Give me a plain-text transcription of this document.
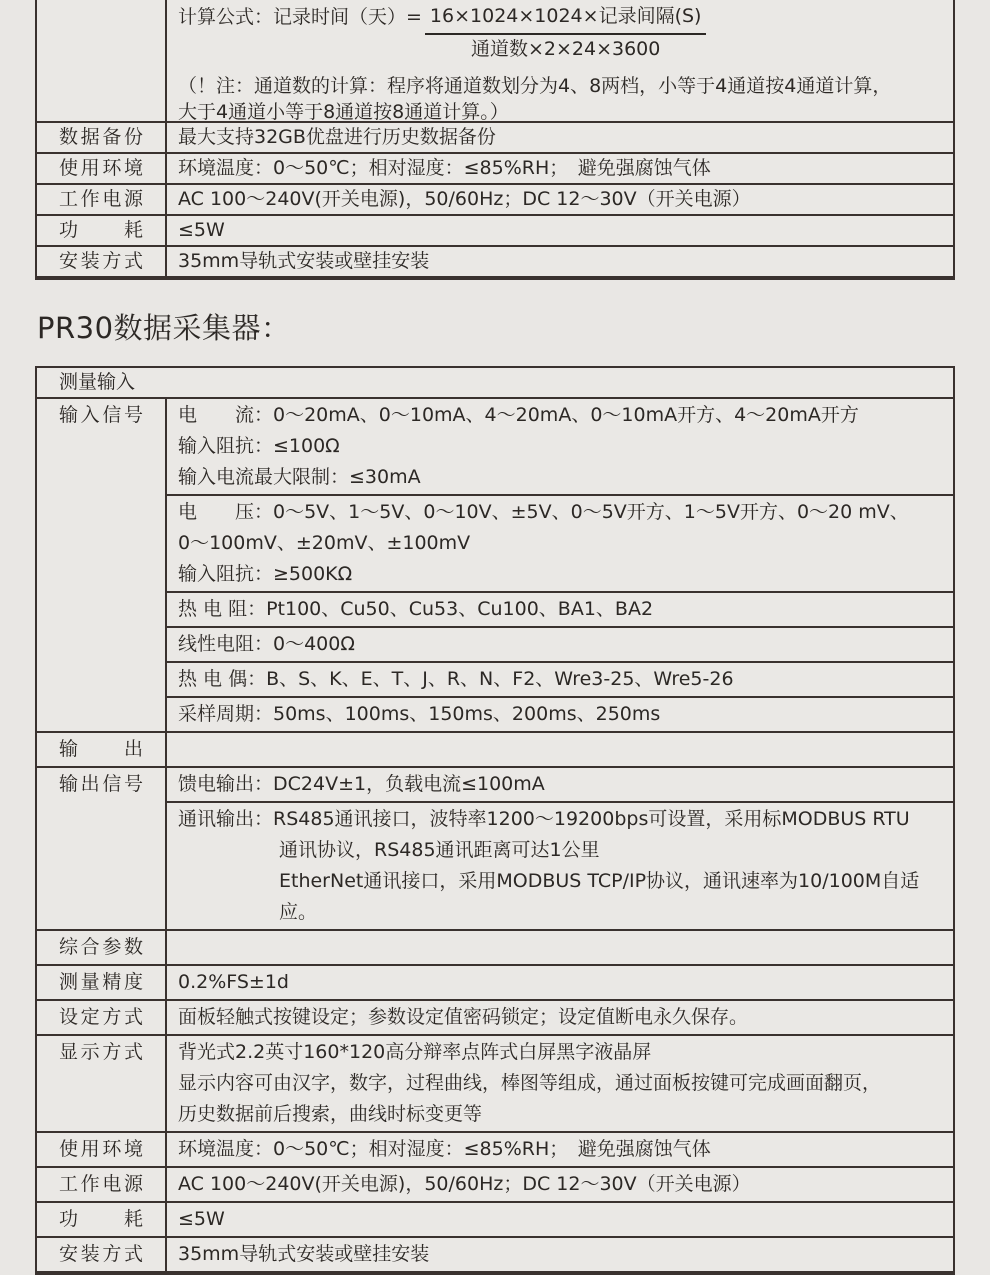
计算公式：记录时间（天）= $\frac{\text{16×1024×1024×记录间隔(S)}}{\text{通道数×2×24×3600}}$
（！注：通道数的计算：程序将通道数划分为4、8两档，小等于4通道按4通道计算，
大于4通道小等于8通道按8通道计算。）
数据备份	最大支持32GB优盘进行历史数据备份
使用环境	环境温度：0～50℃；相对湿度：≤85%RH；　避免强腐蚀气体
工作电源	AC 100～240V(开关电源)，50/60Hz；DC 12～30V（开关电源）
功耗	≤5W
安装方式	35mm导轨式安装或壁挂安装
PR30数据采集器：
测量输入
输入信号	电　　流：0～20mA、0～10mA、4～20mA、0～10mA开方、4～20mA开方
输入阻抗：≤100Ω
输入电流最大限制：≤30mA
电　　压：0～5V、1～5V、0～10V、±5V、0～5V开方、1～5V开方、0～20 mV、
0～100mV、±20mV、±100mV
输入阻抗：≥500KΩ
热 电 阻：Pt100、Cu50、Cu53、Cu100、BA1、BA2
线性电阻：0～400Ω
热 电 偶：B、S、K、E、T、J、R、N、F2、Wre3-25、Wre5-26
采样周期：50ms、100ms、150ms、200ms、250ms
输出
输出信号	馈电输出：DC24V±1，负载电流≤100mA
通讯输出：RS485通讯接口，波特率1200～19200bps可设置，采用标MODBUS RTU
通讯协议，RS485通讯距离可达1公里
EtherNet通讯接口，采用MODBUS TCP/IP协议，通讯速率为10/100M自适应。
综合参数
测量精度	0.2%FS±1d
设定方式	面板轻触式按键设定；参数设定值密码锁定；设定值断电永久保存。
显示方式	背光式2.2英寸160*120高分辩率点阵式白屏黑字液晶屏
显示内容可由汉字，数字，过程曲线，棒图等组成，通过面板按键可完成画面翻页，
历史数据前后搜索，曲线时标变更等
使用环境	环境温度：0～50℃；相对湿度：≤85%RH；　避免强腐蚀气体
工作电源	AC 100～240V(开关电源)，50/60Hz；DC 12～30V（开关电源）
功耗	≤5W
安装方式	35mm导轨式安装或壁挂安装
